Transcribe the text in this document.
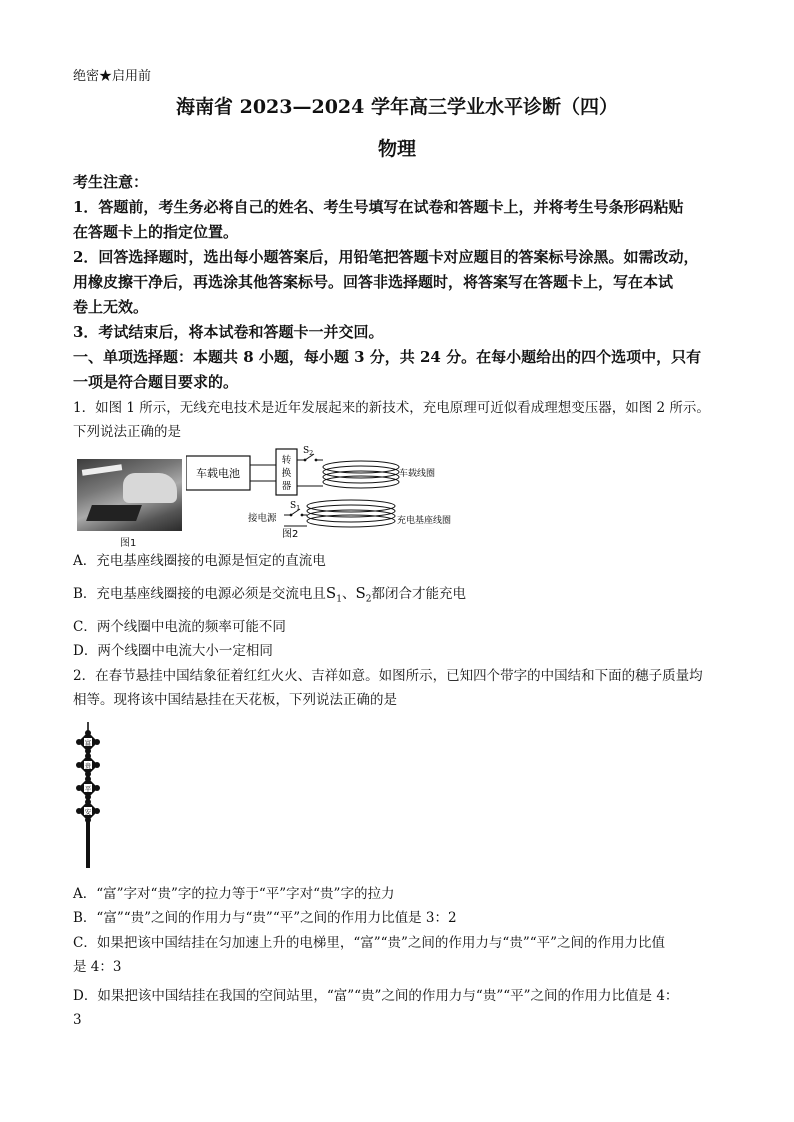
绝密★启用前
海南省 2023—2024 学年高三学业水平诊断（四）
物理
考生注意：
1．答题前，考生务必将自己的姓名、考生号填写在试卷和答题卡上，并将考生号条形码粘贴
在答题卡上的指定位置。
2．回答选择题时，选出每小题答案后，用铅笔把答题卡对应题目的答案标号涂黑。如需改动，
用橡皮擦干净后，再选涂其他答案标号。回答非选择题时，将答案写在答题卡上，写在本试
卷上无效。
3．考试结束后，将本试卷和答题卡一并交回。
一、单项选择题：本题共 8 小题，每小题 3 分，共 24 分。在每小题给出的四个选项中，只有
一项是符合题目要求的。
1．如图 1 所示，无线充电技术是近年发展起来的新技术，充电原理可近似看成理想变压器，如图 2 所示。
下列说法正确的是
图1
车载电池
转
换
器
$S_2$
车载线圈
充电基座线圈
接电源
$S_1$
图2
A．充电基座线圈接的电源是恒定的直流电
B．充电基座线圈接的电源必须是交流电且$S_1$、$S_2$都闭合才能充电
C．两个线圈中电流的频率可能不同
D．两个线圈中电流大小一定相同
2．在春节悬挂中国结象征着红红火火、吉祥如意。如图所示，已知四个带字的中国结和下面的穗子质量均
相等。现将该中国结悬挂在天花板，下列说法正确的是
富
贵
平
安
A．“富”字对“贵”字的拉力等于“平”字对“贵”字的拉力
B．“富”“贵”之间的作用力与“贵”“平”之间的作用力比值是 3：2
C．如果把该中国结挂在匀加速上升的电梯里，“富”“贵”之间的作用力与“贵”“平”之间的作用力比值
是 4：3
D．如果把该中国结挂在我国的空间站里，“富”“贵”之间的作用力与“贵”“平”之间的作用力比值是 4：
3
